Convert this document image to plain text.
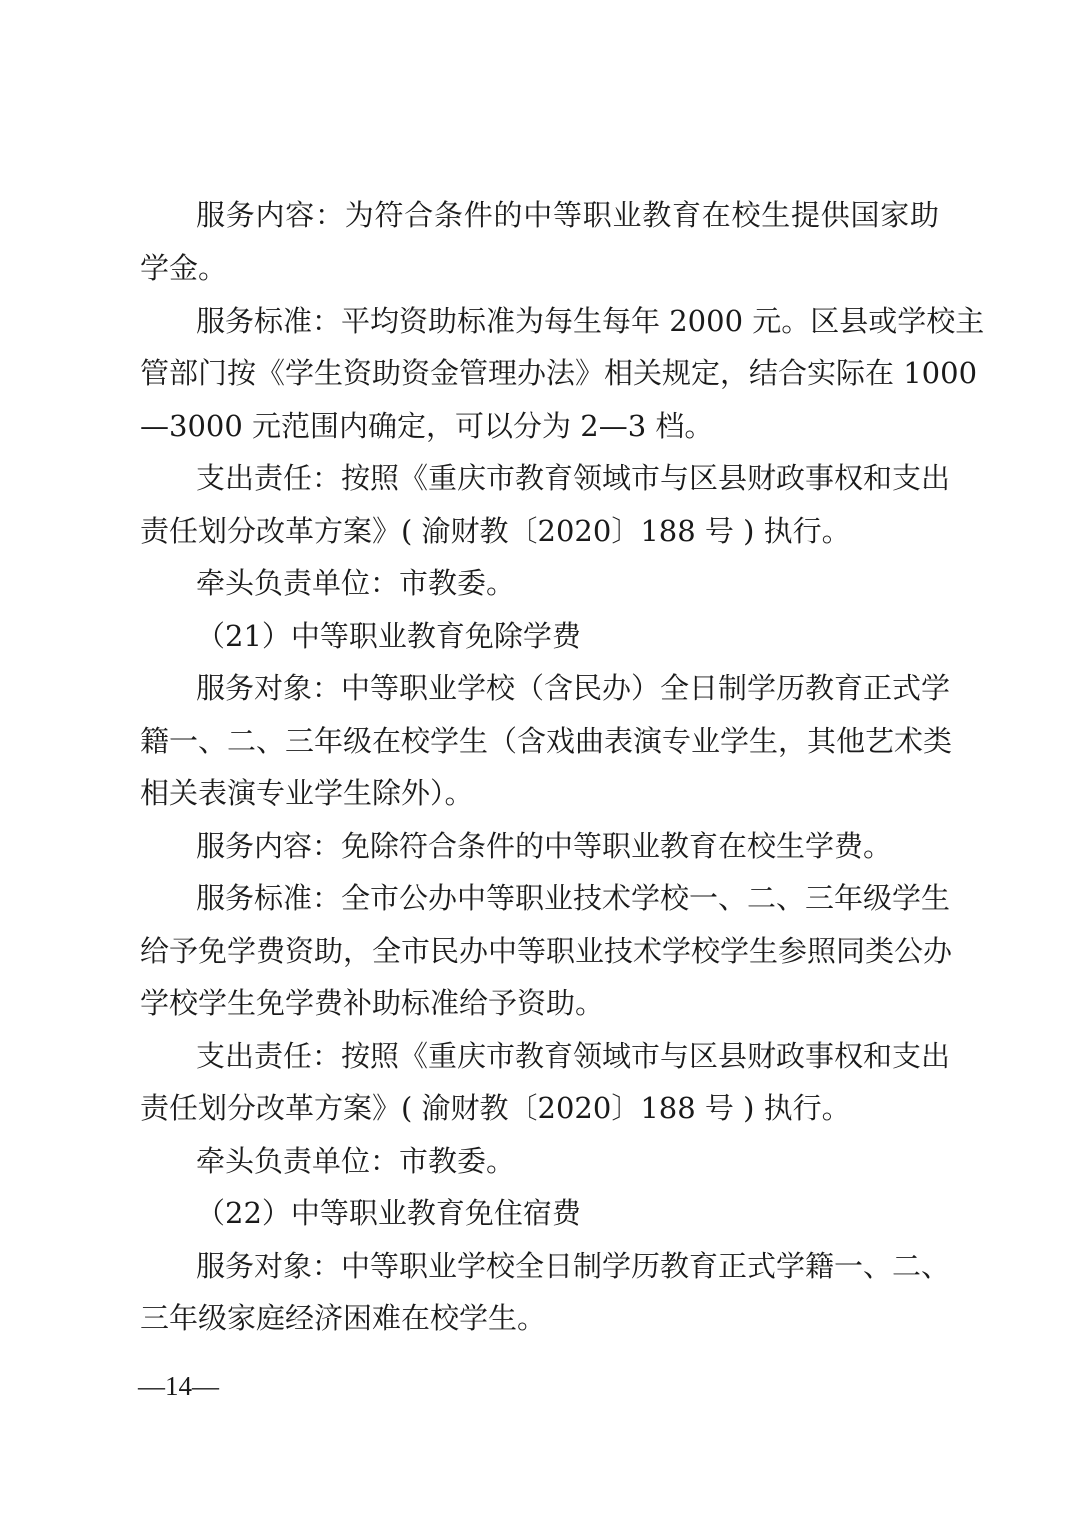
服务内容：为符合条件的中等职业教育在校生提供国家助
学金。
服务标准：平均资助标准为每生每年 2000 元。区县或学校主
管部门按《学生资助资金管理办法》相关规定，结合实际在 1000
—3000 元范围内确定，可以分为 2—3 档。
支出责任：按照《重庆市教育领域市与区县财政事权和支出
责任划分改革方案》( 渝财教〔2020〕188 号 ) 执行。
牵头负责单位：市教委。
（21）中等职业教育免除学费
服务对象：中等职业学校（含民办）全日制学历教育正式学
籍一、二、三年级在校学生（含戏曲表演专业学生，其他艺术类
相关表演专业学生除外）。
服务内容：免除符合条件的中等职业教育在校生学费。
服务标准：全市公办中等职业技术学校一、二、三年级学生
给予免学费资助，全市民办中等职业技术学校学生参照同类公办
学校学生免学费补助标准给予资助。
支出责任：按照《重庆市教育领域市与区县财政事权和支出
责任划分改革方案》( 渝财教〔2020〕188 号 ) 执行。
牵头负责单位：市教委。
（22）中等职业教育免住宿费
服务对象：中等职业学校全日制学历教育正式学籍一、二、
三年级家庭经济困难在校学生。
—14—
